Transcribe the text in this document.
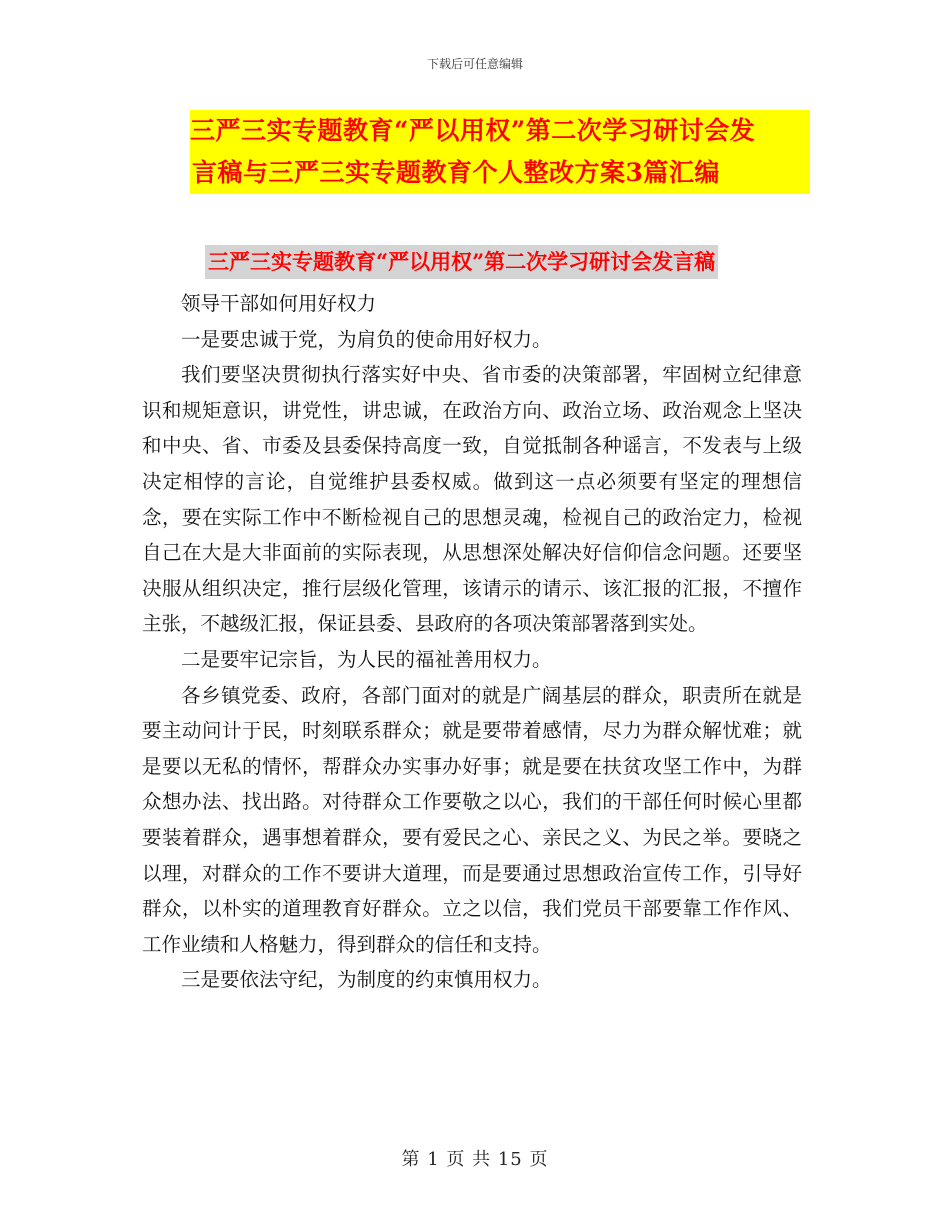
下载后可任意编辑
三严三实专题教育“严以用权”第二次学习研讨会发
言稿与三严三实专题教育个人整改方案3篇汇编
三严三实专题教育“严以用权”第二次学习研讨会发言稿

领导干部如何用好权力

一是要忠诚于党，为肩负的使命用好权力。

我们要坚决贯彻执行落实好中央、省市委的决策部署，牢固树立纪律意识和规矩意识，讲党性，讲忠诚，在政治方向、政治立场、政治观念上坚决和中央、省、市委及县委保持高度一致，自觉抵制各种谣言，不发表与上级决定相悖的言论，自觉维护县委权威。做到这一点必须要有坚定的理想信念，要在实际工作中不断检视自己的思想灵魂，检视自己的政治定力，检视自己在大是大非面前的实际表现，从思想深处解决好信仰信念问题。还要坚决服从组织决定，推行层级化管理，该请示的请示、该汇报的汇报，不擅作主张，不越级汇报，保证县委、县政府的各项决策部署落到实处。

二是要牢记宗旨，为人民的福祉善用权力。

各乡镇党委、政府，各部门面对的就是广阔基层的群众，职责所在就是要主动问计于民，时刻联系群众；就是要带着感情，尽力为群众解忧难；就是要以无私的情怀，帮群众办实事办好事；就是要在扶贫攻坚工作中，为群众想办法、找出路。对待群众工作要敬之以心，我们的干部任何时候心里都要装着群众，遇事想着群众，要有爱民之心、亲民之义、为民之举。要晓之以理，对群众的工作不要讲大道理，而是要通过思想政治宣传工作，引导好群众，以朴实的道理教育好群众。立之以信，我们党员干部要靠工作作风、工作业绩和人格魅力，得到群众的信任和支持。

三是要依法守纪，为制度的约束慎用权力。

第 1 页 共 15 页
